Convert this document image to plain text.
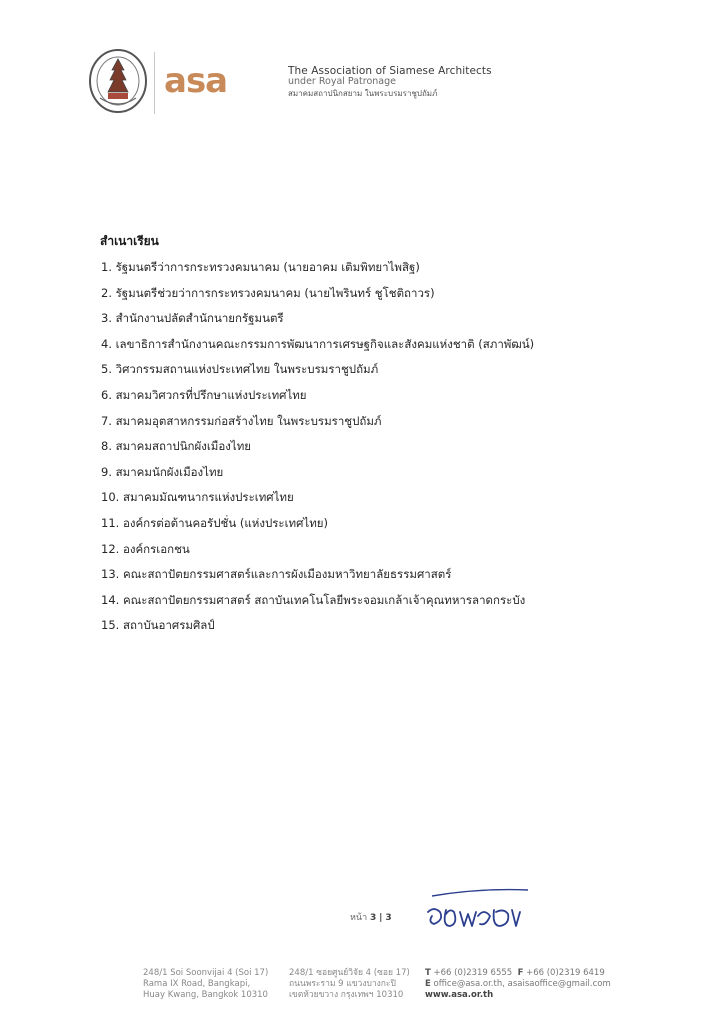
asa	The Association of Siamese Architects
under Royal Patronage
สมาคมสถาปนิกสยาม ในพระบรมราชูปถัมภ์
สำเนาเรียน
1. รัฐมนตรีว่าการกระทรวงคมนาคม (นายอาคม เติมพิทยาไพสิฐ)
2. รัฐมนตรีช่วยว่าการกระทรวงคมนาคม (นายไพรินทร์ ชูโชติถาวร)
3. สำนักงานปลัดสำนักนายกรัฐมนตรี
4. เลขาธิการสำนักงานคณะกรรมการพัฒนาการเศรษฐกิจและสังคมแห่งชาติ (สภาพัฒน์)
5. วิศวกรรมสถานแห่งประเทศไทย ในพระบรมราชูปถัมภ์
6. สมาคมวิศวกรที่ปรึกษาแห่งประเทศไทย
7. สมาคมอุตสาหกรรมก่อสร้างไทย ในพระบรมราชูปถัมภ์
8. สมาคมสถาปนิกผังเมืองไทย
9. สมาคมนักผังเมืองไทย
10. สมาคมมัณฑนากรแห่งประเทศไทย
11. องค์กรต่อต้านคอรัปชั่น (แห่งประเทศไทย)
12. องค์กรเอกชน
13. คณะสถาปัตยกรรมศาสตร์และการผังเมืองมหาวิทยาลัยธรรมศาสตร์
14. คณะสถาปัตยกรรมศาสตร์ สถาบันเทคโนโลยีพระจอมเกล้าเจ้าคุณทหารลาดกระบัง
15. สถาบันอาศรมศิลป์
หน้า 3 | 3
248/1 Soi Soonvijai 4 (Soi 17)
Rama IX Road, Bangkapi,
Huay Kwang, Bangkok 10310
248/1 ซอยศูนย์วิจัย 4 (ซอย 17)
ถนนพระราม 9 แขวงบางกะปิ
เขตห้วยขวาง กรุงเทพฯ 10310
T +66 (0)2319 6555 F +66 (0)2319 6419
E office@asa.or.th, asaisaoffice@gmail.com
www.asa.or.th
